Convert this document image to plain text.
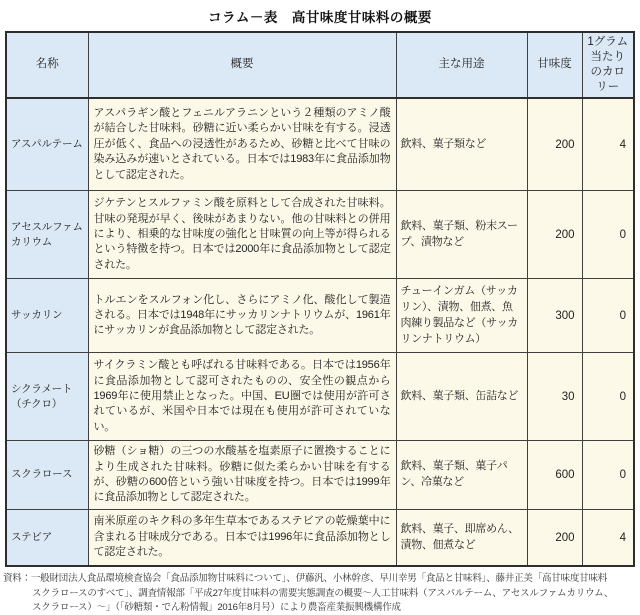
コラム－表　高甘味度甘味料の概要
名称	概要	主な用途	甘味度	1グラム当たりのカロリー
アスパルテーム	アスパラギン酸とフェニルアラニンという２種類のアミノ酸が結合した甘味料。砂糖に近い柔らかい甘味を有する。浸透圧が低く、食品への浸透性があるため、砂糖と比べて甘味の染み込みが速いとされている。日本では1983年に食品添加物として認定された。	飲料、菓子類など	200	4
アセスルファムカリウム	ジケテンとスルファミン酸を原料として合成された甘味料。甘味の発現が早く、後味があまりない。他の甘味料との併用により、相乗的な甘味度の強化と甘味質の向上等が得られるという特徴を持つ。日本では2000年に食品添加物として認定された。	飲料、菓子類、粉末スープ、漬物など	200	0
サッカリン	トルエンをスルフォン化し、さらにアミノ化、酸化して製造される。日本では1948年にサッカリンナトリウムが、1961年にサッカリンが食品添加物として認定された。	チューインガム（サッカリン）、漬物、佃煮、魚肉練り製品など（サッカリンナトリウム）	300	0
シクラメート（チクロ）	サイクラミン酸とも呼ばれる甘味料である。日本では1956年に食品添加物として認可されたものの、安全性の観点から1969年に使用禁止となった。中国、EU圏では使用が許可されているが、米国や日本では現在も使用が許可されていない。	飲料、菓子類、缶詰など	30	0
スクラロース	砂糖（ショ糖）の三つの水酸基を塩素原子に置換することにより生成された甘味料。砂糖に似た柔らかい甘味を有するが、砂糖の600倍という強い甘味度を持つ。日本では1999年に食品添加物として認定された。	飲料、菓子類、菓子パン、冷菓など	600	0
ステビア	南米原産のキク科の多年生草本であるステビアの乾燥葉中に含まれる甘味成分である。日本では1996年に食品添加物として認定された。	飲料、菓子、即席めん、漬物、佃煮など	200	4
資料：一般財団法人食品環境検査協会「食品添加物甘味料について」、伊藤汎、小林幹彦、早川幸男「食品と甘味料」、藤井正美「高甘味度甘味料
スクラロースのすべて」、調査情報部「平成27年度甘味料の需要実態調査の概要～人工甘味料（アスパルテーム、アセスルファムカリウム、
スクラロース）～」（「砂糖類・でん粉情報」2016年8月号）により農畜産業振興機構作成
